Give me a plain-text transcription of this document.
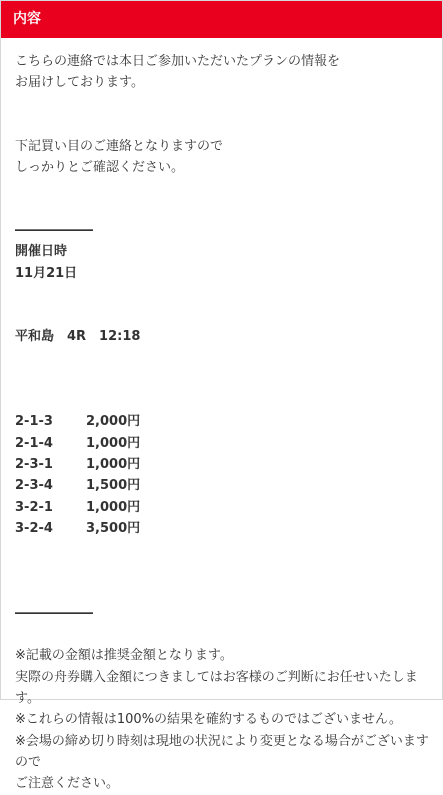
内容
こちらの連絡では本日ご参加いただいたプランの情報を
お届けしております。
下記買い目のご連絡となりますので
しっかりとご確認ください。
――――――
開催日時
11月21日
平和島　4R　12:18
2-1-3	2,000円
2-1-4	1,000円
2-3-1	1,000円
2-3-4	1,500円
3-2-1	1,000円
3-2-4	3,500円
――――――
※記載の金額は推奨金額となります。
実際の舟券購入金額につきましてはお客様のご判断にお任せいたします。
※これらの情報は100%の結果を確約するものではございません。
※会場の締め切り時刻は現地の状況により変更となる場合がございますので
ご注意ください。
